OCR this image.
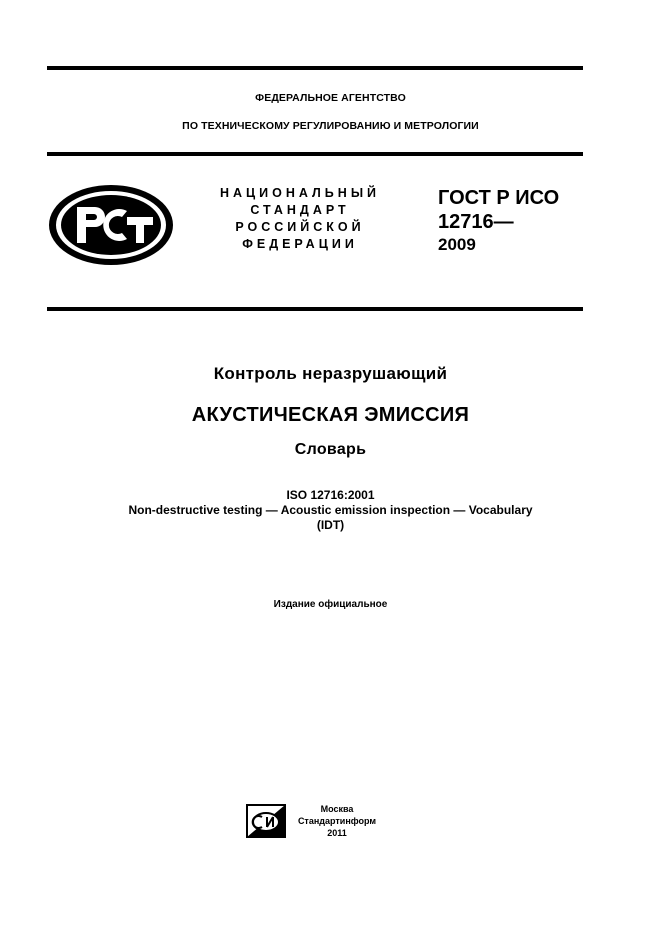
ФЕДЕРАЛЬНОЕ АГЕНТСТВО
ПО ТЕХНИЧЕСКОМУ РЕГУЛИРОВАНИЮ И МЕТРОЛОГИИ
НАЦИОНАЛЬНЫЙ
СТАНДАРТ
РОССИЙСКОЙ
ФЕДЕРАЦИИ
ГОСТ Р ИСО
12716—
2009
Контроль неразрушающий
АКУСТИЧЕСКАЯ ЭМИССИЯ
Словарь
ISO 12716:2001
Non-destructive testing — Acoustic emission inspection — Vocabulary
(IDT)
Издание официальное
Москва
Стандартинформ
2011
